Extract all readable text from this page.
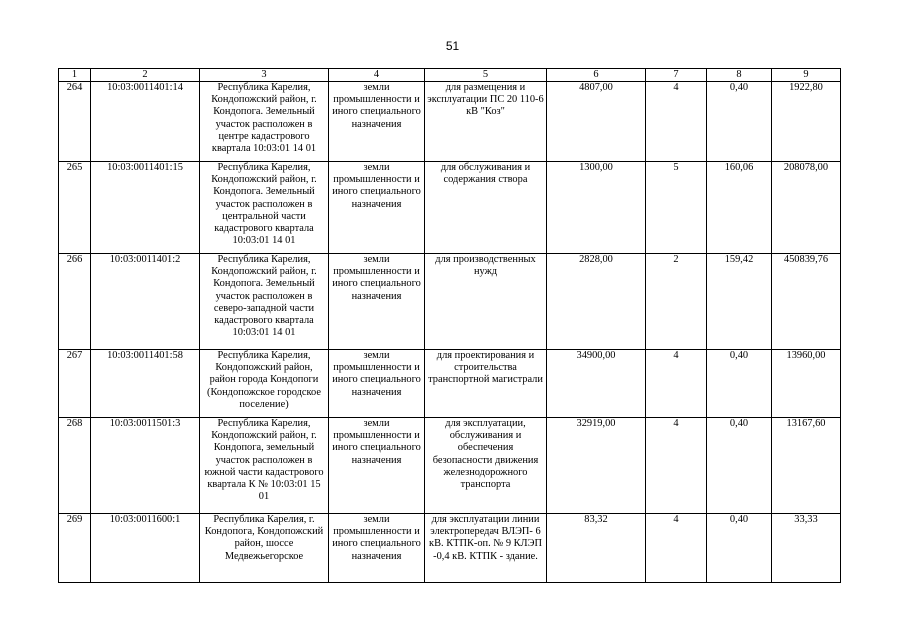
51
1	2	3	4	5	6	7	8	9
264	10:03:0011401:14	Республика Карелия, Кондопожский район, г. Кондопога. Земельный участок расположен в центре кадастрового квартала 10:03:01 14 01	земли промышленности и иного специального назначения	для размещения и эксплуатации ПС 20 110-6 кВ "Коз"	4807,00	4	0,40	1922,80
265	10:03:0011401:15	Республика Карелия, Кондопожский район, г. Кондопога. Земельный участок расположен в центральной части кадастрового квартала 10:03:01 14 01	земли промышленности и иного специального назначения	для обслуживания и содержания створа	1300,00	5	160,06	208078,00
266	10:03:0011401:2	Республика Карелия, Кондопожский район, г. Кондопога. Земельный участок расположен в северо-западной части кадастрового квартала 10:03:01 14 01	земли промышленности и иного специального назначения	для производственных нужд	2828,00	2	159,42	450839,76
267	10:03:0011401:58	Республика Карелия, Кондопожский район, район города Кондопоги (Кондопожское городское поселение)	земли промышленности и иного специального назначения	для проектирования и строительства транспортной магистрали	34900,00	4	0,40	13960,00
268	10:03:0011501:3	Республика Карелия, Кондопожский район, г. Кондопога, земельный участок расположен в южной части кадастрового квартала К № 10:03:01 15 01	земли промышленности и иного специального назначения	для эксплуатации, обслуживания и обеспечения безопасности движения железнодорожного транспорта	32919,00	4	0,40	13167,60
269	10:03:0011600:1	Республика Карелия, г. Кондопога, Кондопожский район, шоссе Медвежьегорское	земли промышленности и иного специального назначения	для эксплуатации линии электропередач ВЛЭП- 6 кВ. КТПК-оп. № 9 КЛЭП -0,4 кВ. КТПК - здание.	83,32	4	0,40	33,33
